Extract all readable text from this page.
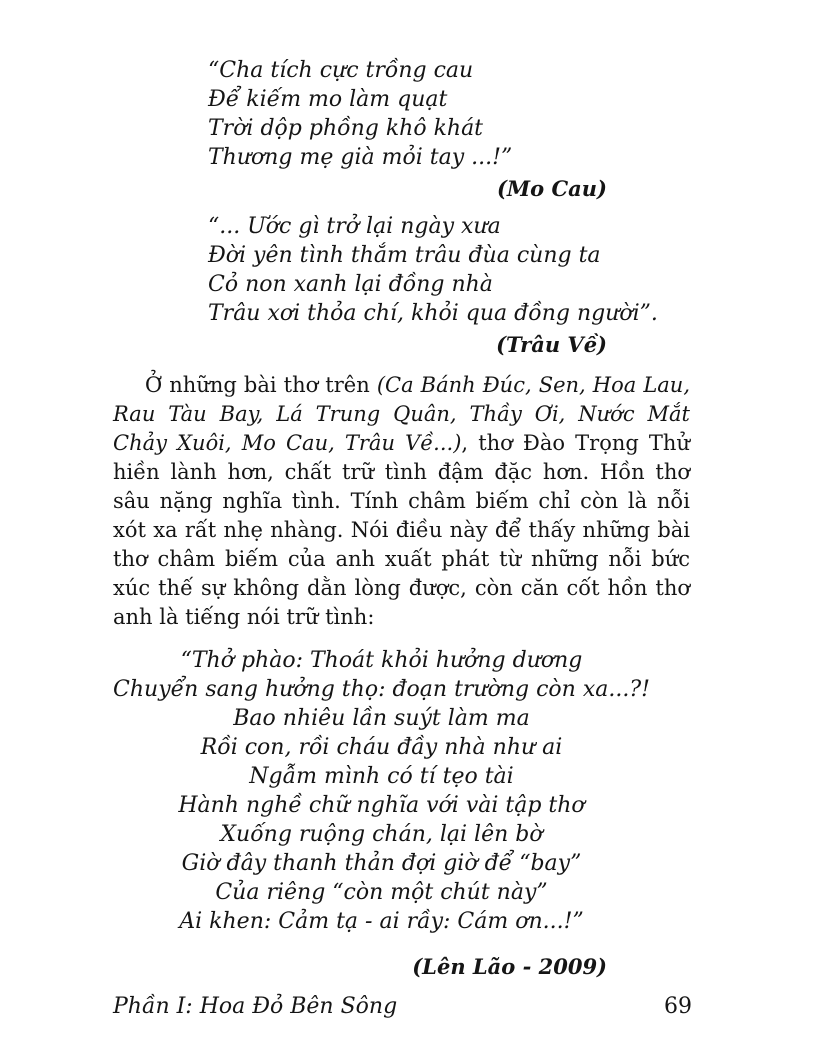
“Cha tích cực trồng cau
Để kiếm mo làm quạt
Trời dộp phồng khô khát
Thương mẹ già mỏi tay ...!”
(Mo Cau)
“... Ước gì trở lại ngày xưa
Đời yên tình thắm trâu đùa cùng ta
Cỏ non xanh lại đồng nhà
Trâu xơi thỏa chí, khỏi qua đồng người”.
(Trâu Về)

Ở những bài thơ trên (Ca Bánh Đúc, Sen, Hoa Lau, Rau Tàu Bay, Lá Trung Quân, Thầy Ơi, Nước Mắt Chảy Xuôi, Mo Cau, Trâu Về...), thơ Đào Trọng Thử hiền lành hơn, chất trữ tình đậm đặc hơn. Hồn thơ sâu nặng nghĩa tình. Tính châm biếm chỉ còn là nỗi xót xa rất nhẹ nhàng. Nói điều này để thấy những bài thơ châm biếm của anh xuất phát từ những nỗi bức xúc thế sự không dằn lòng được, còn căn cốt hồn thơ anh là tiếng nói trữ tình:

“Thở phào: Thoát khỏi hưởng dương
Chuyển sang hưởng thọ: đoạn trường còn xa...?!
Bao nhiêu lần suýt làm ma
Rồi con, rồi cháu đầy nhà như ai
Ngẫm mình có tí tẹo tài
Hành nghề chữ nghĩa với vài tập thơ
Xuống ruộng chán, lại lên bờ
Giờ đây thanh thản đợi giờ để “bay”
Của riêng “còn một chút này”
Ai khen: Cảm tạ - ai rầy: Cám ơn...!”
(Lên Lão - 2009)
Phần I: Hoa Đỏ Bên Sông	69
